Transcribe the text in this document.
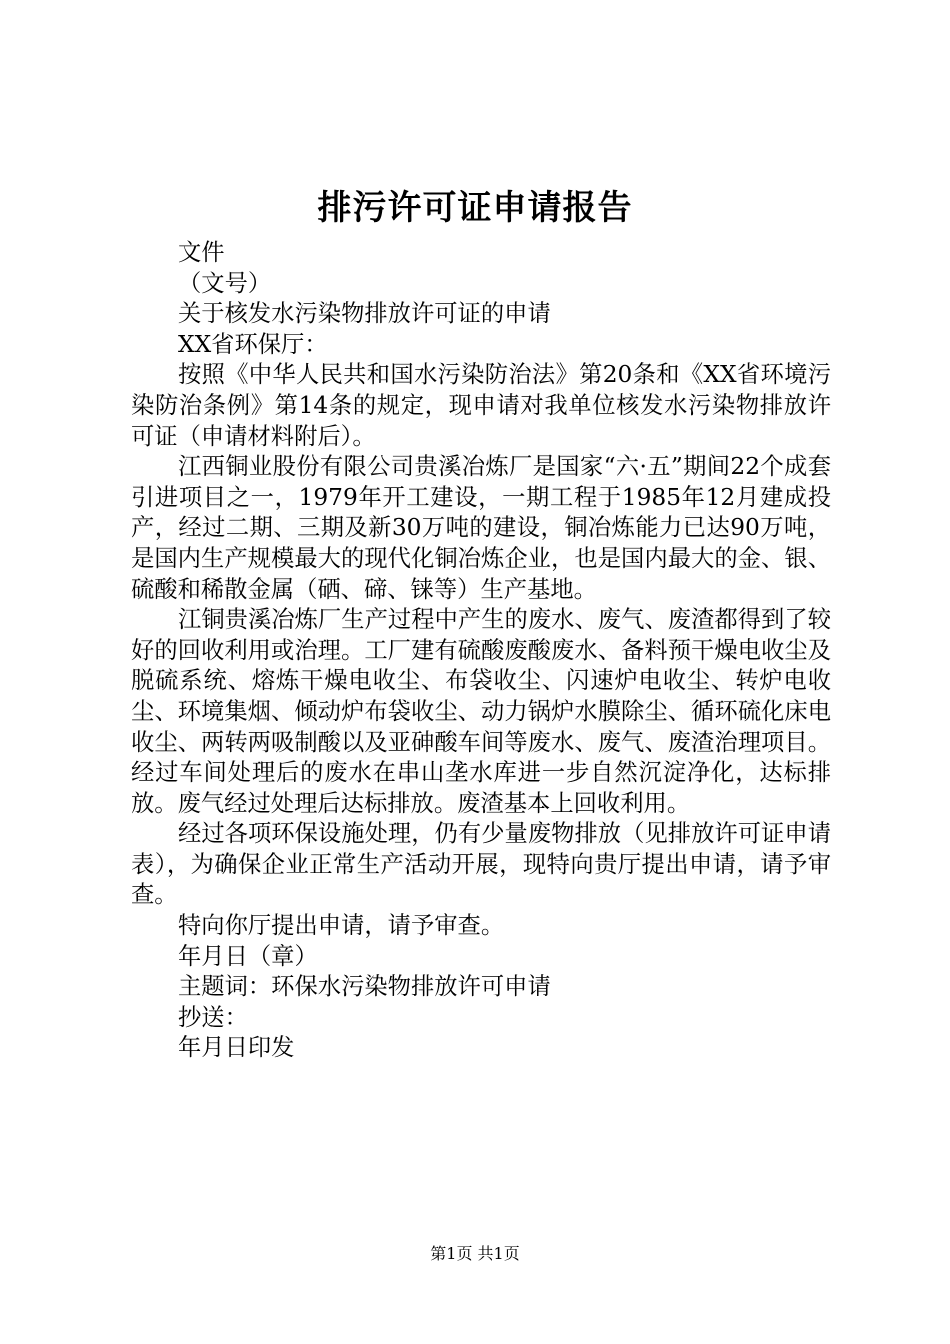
排污许可证申请报告

文件

（文号）

关于核发水污染物排放许可证的申请

XX省环保厅：

按照《中华人民共和国水污染防治法》第20条和《XX省环境污染防治条例》第14条的规定，现申请对我单位核发水污染物排放许可证（申请材料附后）。

江西铜业股份有限公司贵溪冶炼厂是国家“六·五”期间22个成套引进项目之一，1979年开工建设，一期工程于1985年12月建成投产，经过二期、三期及新30万吨的建设，铜冶炼能力已达90万吨，是国内生产规模最大的现代化铜冶炼企业，也是国内最大的金、银、硫酸和稀散金属（硒、碲、铼等）生产基地。

江铜贵溪冶炼厂生产过程中产生的废水、废气、废渣都得到了较好的回收利用或治理。工厂建有硫酸废酸废水、备料预干燥电收尘及脱硫系统、熔炼干燥电收尘、布袋收尘、闪速炉电收尘、转炉电收尘、环境集烟、倾动炉布袋收尘、动力锅炉水膜除尘、循环硫化床电收尘、两转两吸制酸以及亚砷酸车间等废水、废气、废渣治理项目。经过车间处理后的废水在串山垄水库进一步自然沉淀净化，达标排放。废气经过处理后达标排放。废渣基本上回收利用。

经过各项环保设施处理，仍有少量废物排放（见排放许可证申请表），为确保企业正常生产活动开展，现特向贵厅提出申请，请予审查。

特向你厅提出申请，请予审查。

年月日（章）

主题词：环保水污染物排放许可申请

抄送：

年月日印发

第1页 共1页
